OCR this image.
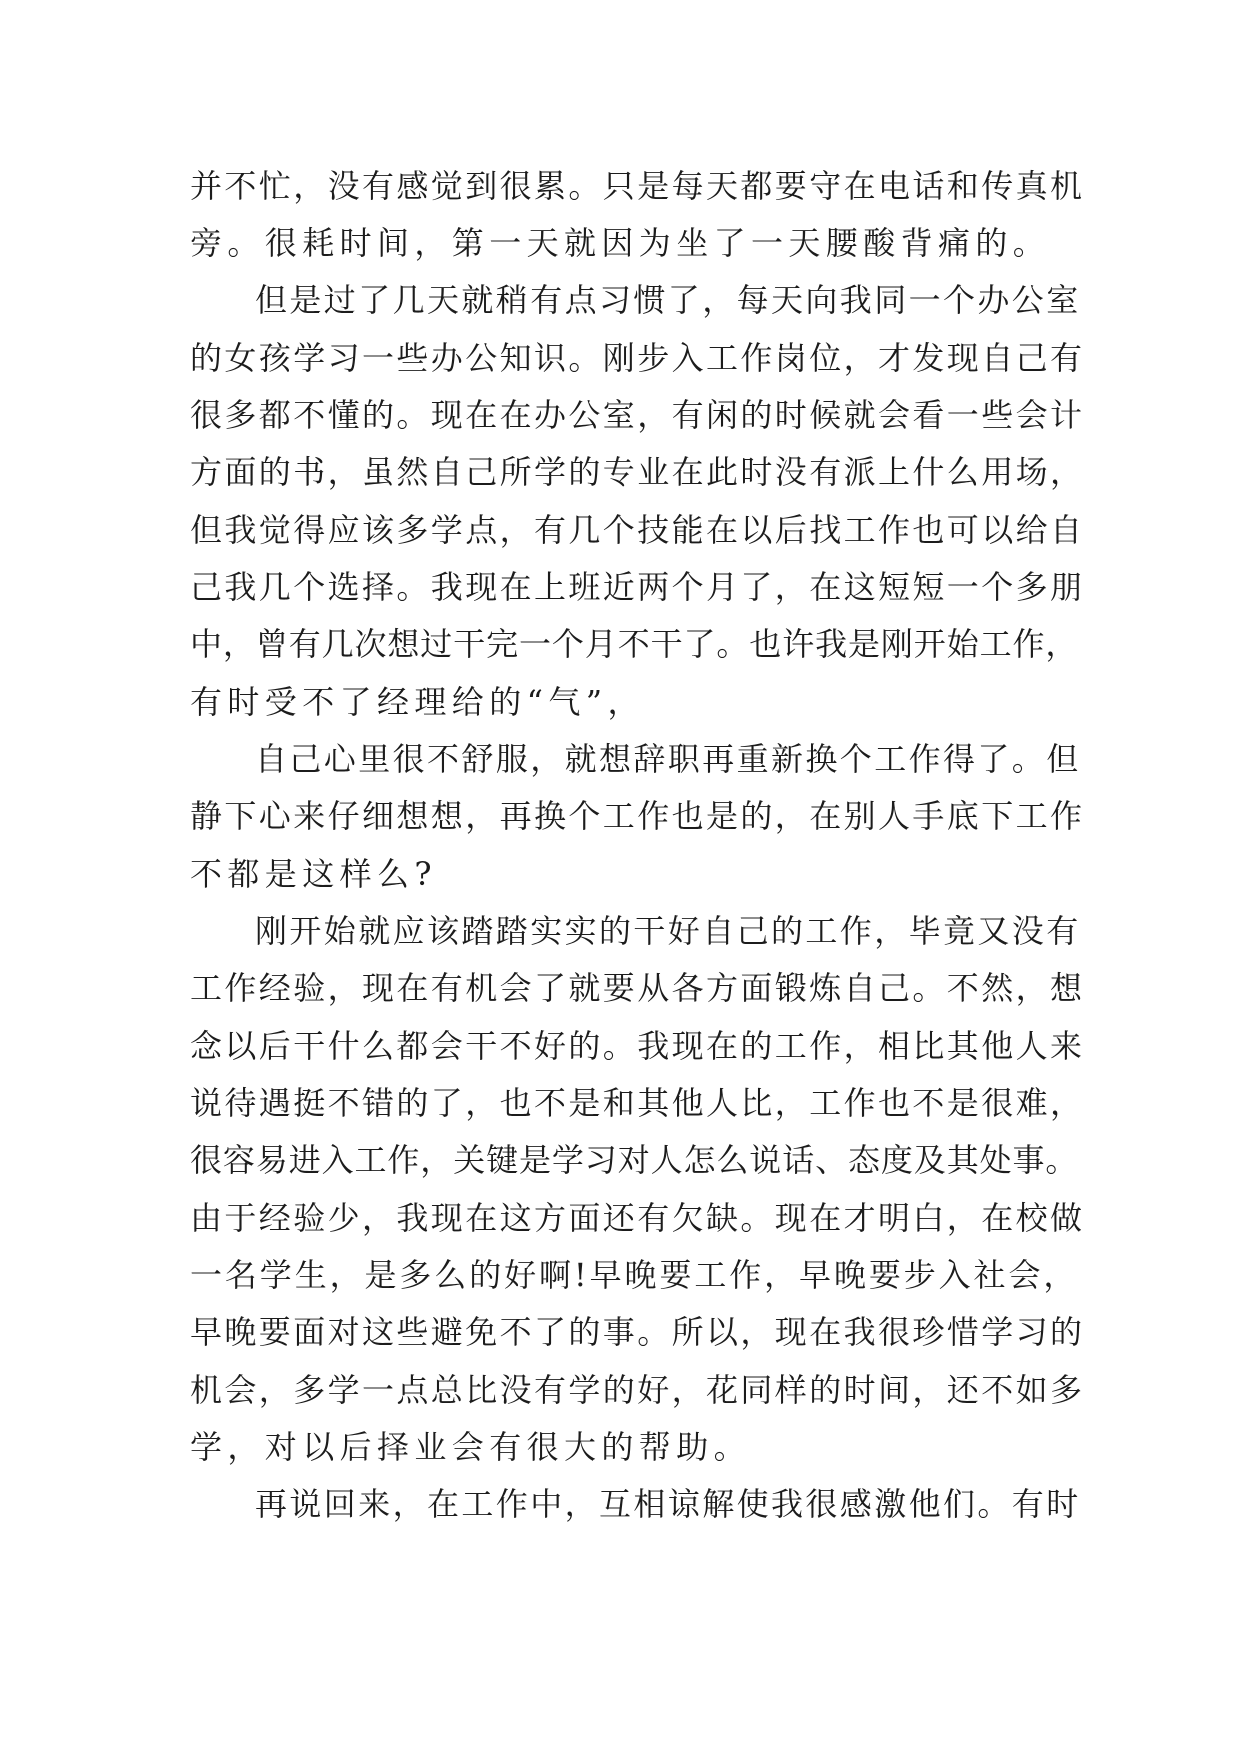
并不忙，没有感觉到很累。只是每天都要守在电话和传真机
旁。很耗时间，第一天就因为坐了一天腰酸背痛的。
但是过了几天就稍有点习惯了，每天向我同一个办公室
的女孩学习一些办公知识。刚步入工作岗位，才发现自己有
很多都不懂的。现在在办公室，有闲的时候就会看一些会计
方面的书，虽然自己所学的专业在此时没有派上什么用场，
但我觉得应该多学点，有几个技能在以后找工作也可以给自
己我几个选择。我现在上班近两个月了，在这短短一个多朋
中，曾有几次想过干完一个月不干了。也许我是刚开始工作，
有时受不了经理给的“气”，
自己心里很不舒服，就想辞职再重新换个工作得了。但
静下心来仔细想想，再换个工作也是的，在别人手底下工作
不都是这样么?
刚开始就应该踏踏实实的干好自己的工作，毕竟又没有
工作经验，现在有机会了就要从各方面锻炼自己。不然，想
念以后干什么都会干不好的。我现在的工作，相比其他人来
说待遇挺不错的了，也不是和其他人比，工作也不是很难，
很容易进入工作，关键是学习对人怎么说话、态度及其处事。
由于经验少，我现在这方面还有欠缺。现在才明白，在校做
一名学生，是多么的好啊!早晚要工作，早晚要步入社会，
早晚要面对这些避免不了的事。所以，现在我很珍惜学习的
机会，多学一点总比没有学的好，花同样的时间，还不如多
学，对以后择业会有很大的帮助。
再说回来，在工作中，互相谅解使我很感激他们。有时
